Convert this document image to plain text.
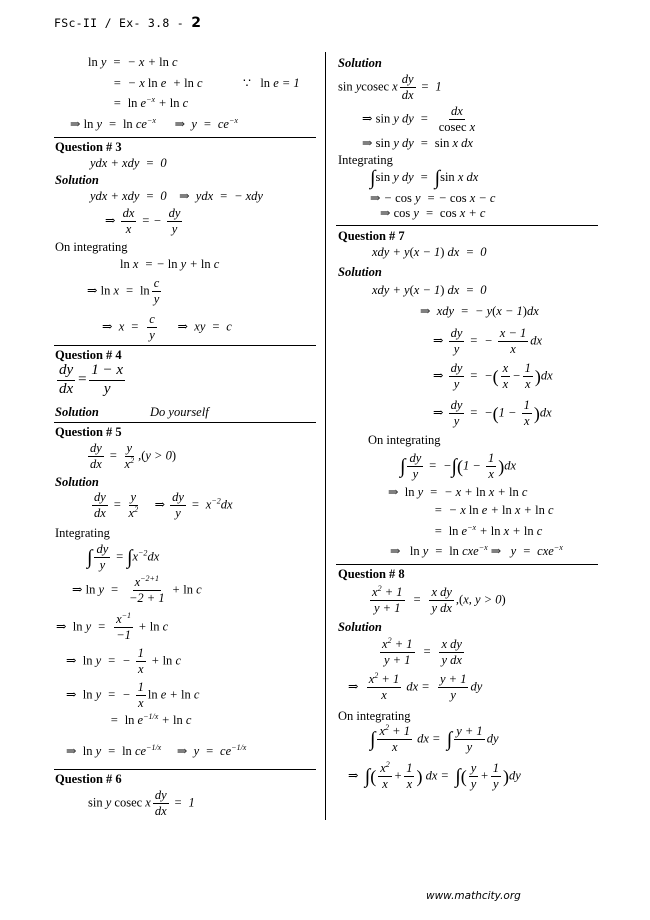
FSc-II / Ex- 3.8 - 2
ln y  =  − x + ln c
=  − x ln e  + ln c	∵ ln e = 1
=  $\ln e^{-x} + \ln c$
⇒ $\ln y = \ln ce^{-x}$ ⇒  $y = ce^{-x}$
Question # 3
ydx + xdy  =  0
Solution
ydx + xdy  =  0    ⇒  ydx  =  − xdy
⇒ $\frac{dx}{x}$ = − $\frac{dy}{y}$
On integrating
ln x  = − ln y + ln c
⇒ $\ln x = \ln \frac{c}{y}$
⇒  $x = \frac{c}{y}$ ⇒  xy  =  c
Question # 4
$\frac{dy}{dx} = \frac{1 - x}{y}$
Solution	Do yourself
Question # 5
$\frac{dy}{dx} = \frac{y}{x^2} ,(y > 0)$
Solution
$\frac{dy}{dx} = \frac{y}{x^2}$ ⇒ $\frac{dy}{y} = x^{-2}dx$
Integrating
∫ $\frac{dy}{y} = \int x^{-2}dx$
⇒ $\ln y = \frac{x^{-2+1}}{-2 + 1} + \ln c$
⇒ $\ln y = \frac{x^{-1}}{-1} + \ln c$
⇒ ln y  =  − $\frac{1}{x} + \ln c$
⇒ ln y  =  − $\frac{1}{x}$ ln e + ln c
=  $\ln e^{-1/x} + \ln c$
⇒ $\ln y = \ln ce^{-1/x}$ ⇒  $y = ce^{-1/x}$
Question # 6
sin y cosec x $\frac{dy}{dx} = 1$
Solution
sin ycosec x $\frac{dy}{dx} = 1$
⇒ sin y dy  = $\frac{dx}{\text{cosec x}}$
⇒ sin y dy  =  sin x dx
Integrating
∫sin y dy  =  ∫sin x dx
⇒ − cos y  = − cos x − c
⇒ cos y  =  cos x + c
Question # 7
xdy + y(x − 1) dx  =  0
Solution
xdy + y(x − 1) dx  =  0
⇒  xdy  =  − y(x − 1)dx
⇒ $\frac{dy}{y}$ =  − $\frac{x - 1}{x}$ dx
⇒ $\frac{dy}{y}$ =  −( $\frac{x}{x} - \frac{1}{x} )dx$
⇒ $\frac{dy}{y} = -(1 - \frac{1}{x} )dx$
On integrating
∫ $\frac{dy}{y} = -\int(1 - \frac{1}{x} )dx$
⇒ ln y  =  − x + ln x + ln c
=  − x ln e + ln x + ln c
=  $\ln e^{-x} + \ln x + \ln c$
⇒ ln y  =  ln cxe$^{-x}$ ⇒   y  =  cxe$^{-x}$
Question # 8
$\frac{x^2 + 1}{y + 1} = \frac{\text{x dy}}{\text{y dx}} ,(x$, y > 0)
Solution
$\frac{x^2 + 1}{y + 1} = \frac{\text{x dy}}{\text{y dx}}$
⇒ $\frac{x^2 + 1}{x}$ dx = $\frac{y + 1}{y}$ dy
On integrating
∫ $\frac{x^2 + 1}{x}$ dx =  ∫ $\frac{y + 1}{y}$ dy
⇒ ∫( $\frac{x^2}{x} + \frac{1}{x}$ ) dx =  ∫( $\frac{y}{y} + \frac{1}{y} )dy$
www.mathcity.org
